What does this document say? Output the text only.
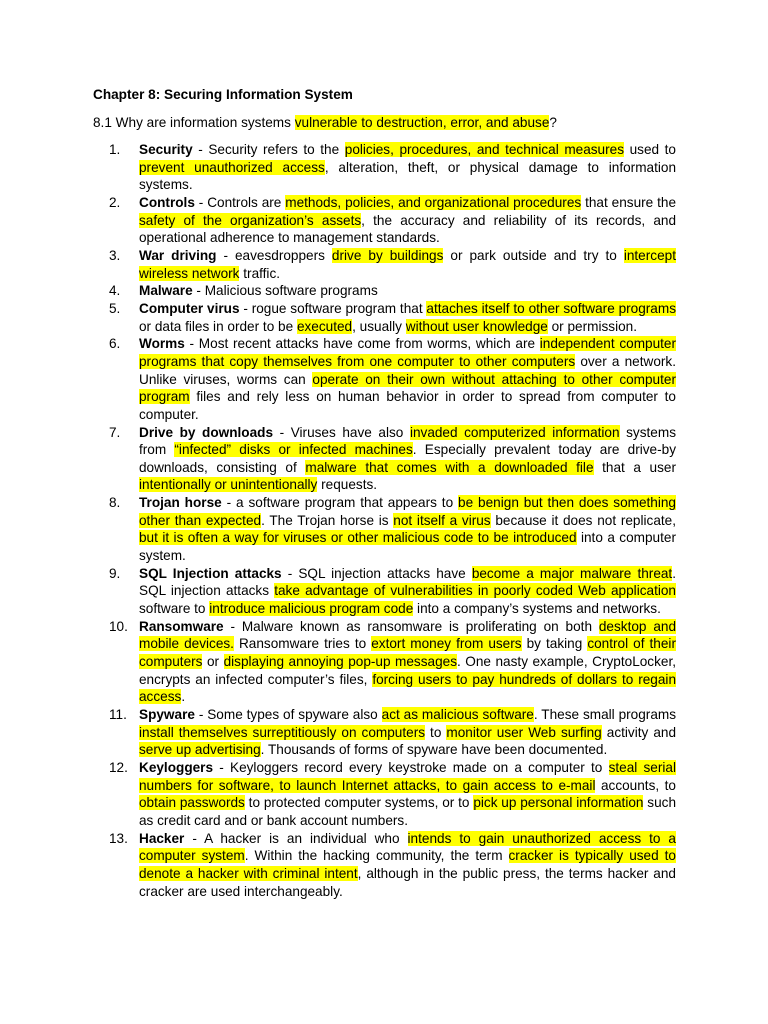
Chapter 8: Securing Information System
8.1 Why are information systems vulnerable to destruction, error, and abuse?
1.	Security - Security refers to the policies, procedures, and technical measures used to prevent unauthorized access, alteration, theft, or physical damage to information systems.
2.	Controls - Controls are methods, policies, and organizational procedures that ensure the safety of the organization’s assets, the accuracy and reliability of its records, and operational adherence to management standards.
3.	War driving - eavesdroppers drive by buildings or park outside and try to intercept wireless network traffic.
4.	Malware - Malicious software programs
5.	Computer virus - rogue software program that attaches itself to other software programs or data files in order to be executed, usually without user knowledge or permission.
6.	Worms - Most recent attacks have come from worms, which are independent computer programs that copy themselves from one computer to other computers over a network. Unlike viruses, worms can operate on their own without attaching to other computer program files and rely less on human behavior in order to spread from computer to computer.
7.	Drive by downloads - Viruses have also invaded computerized information systems from “infected” disks or infected machines. Especially prevalent today are drive-by downloads, consisting of malware that comes with a downloaded file that a user intentionally or unintentionally requests.
8.	Trojan horse - a software program that appears to be benign but then does something other than expected. The Trojan horse is not itself a virus because it does not replicate, but it is often a way for viruses or other malicious code to be introduced into a computer system.
9.	SQL Injection attacks - SQL injection attacks have become a major malware threat. SQL injection attacks take advantage of vulnerabilities in poorly coded Web application software to introduce malicious program code into a company’s systems and networks.
10. Ransomware - Malware known as ransomware is proliferating on both desktop and mobile devices. Ransomware tries to extort money from users by taking control of their computers or displaying annoying pop-up messages. One nasty example, CryptoLocker, encrypts an infected computer’s files, forcing users to pay hundreds of dollars to regain access.
11. Spyware - Some types of spyware also act as malicious software. These small programs install themselves surreptitiously on computers to monitor user Web surfing activity and serve up advertising. Thousands of forms of spyware have been documented.
12. Keyloggers - Keyloggers record every keystroke made on a computer to steal serial numbers for software, to launch Internet attacks, to gain access to e-mail accounts, to obtain passwords to protected computer systems, or to pick up personal information such as credit card and or bank account numbers.
13. Hacker - A hacker is an individual who intends to gain unauthorized access to a computer system. Within the hacking community, the term cracker is typically used to denote a hacker with criminal intent, although in the public press, the terms hacker and cracker are used interchangeably.
